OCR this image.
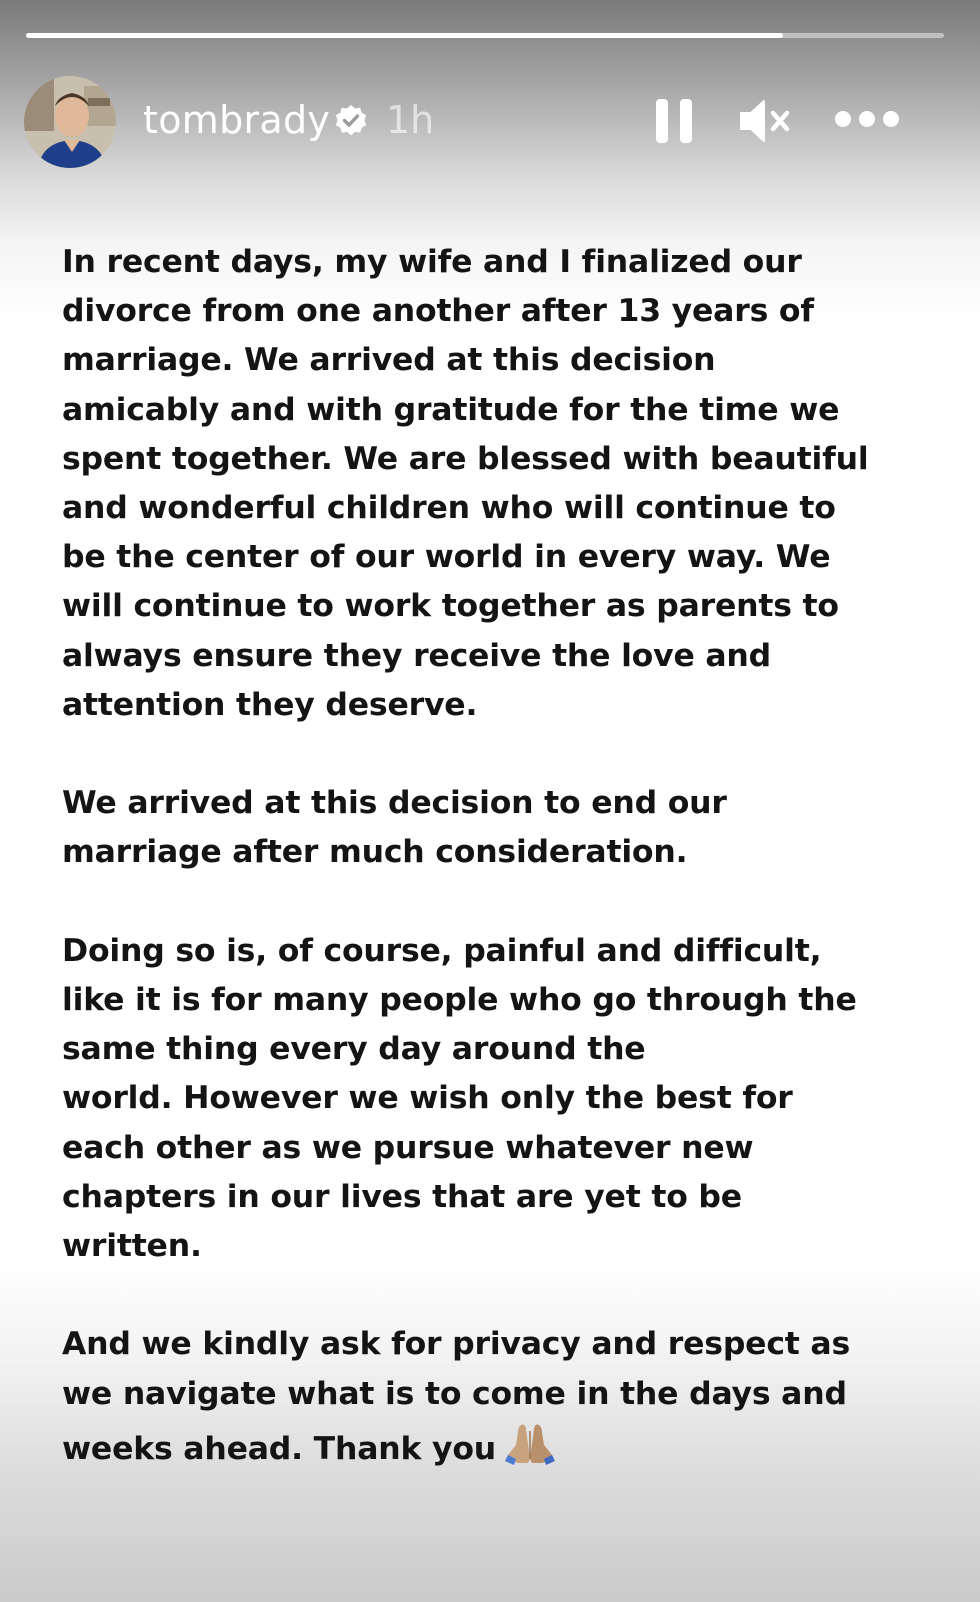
tombrady 1h
In recent days, my wife and I finalized our
divorce from one another after 13 years of
marriage. We arrived at this decision
amicably and with gratitude for the time we
spent together. We are blessed with beautiful
and wonderful children who will continue to
be the center of our world in every way. We
will continue to work together as parents to
always ensure they receive the love and
attention they deserve.
We arrived at this decision to end our
marriage after much consideration.
Doing so is, of course, painful and difficult,
like it is for many people who go through the
same thing every day around the
world. However we wish only the best for
each other as we pursue whatever new
chapters in our lives that are yet to be
written.
And we kindly ask for privacy and respect as
we navigate what is to come in the days and
weeks ahead. Thank you
